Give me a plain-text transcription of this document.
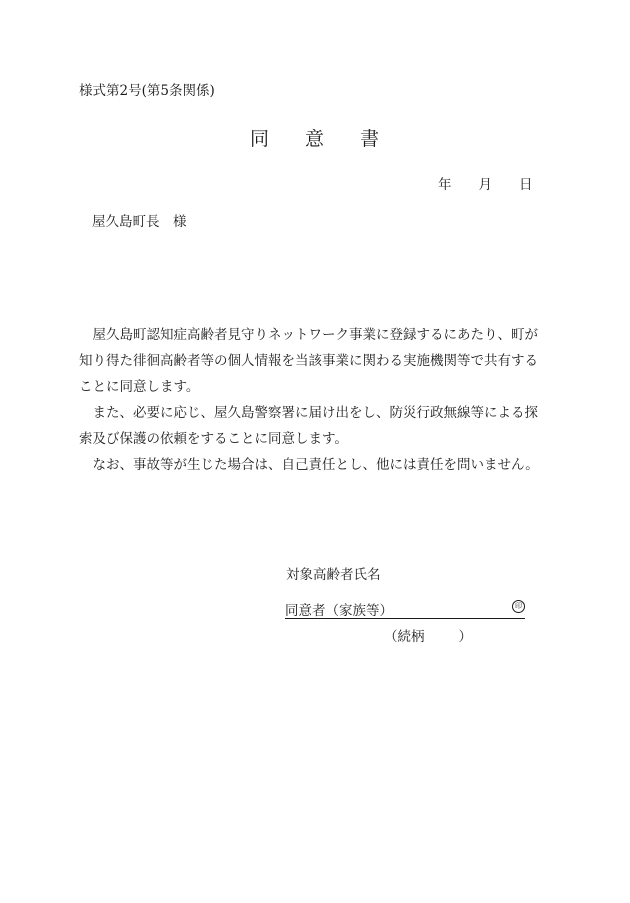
様式第2号(第5条関係)
同 意 書
年 月 日
屋久島町長　様

屋久島町認知症高齢者見守りネットワーク事業に登録するにあたり、町が知り得た徘徊高齢者等の個人情報を当該事業に関わる実施機関等で共有することに同意します。

また、必要に応じ、屋久島警察署に届け出をし、防災行政無線等による探索及び保護の依頼をすることに同意します。

なお、事故等が生じた場合は、自己責任とし、他には責任を問いません。

対象高齢者氏名
同意者（家族等）	印
（続柄	）
